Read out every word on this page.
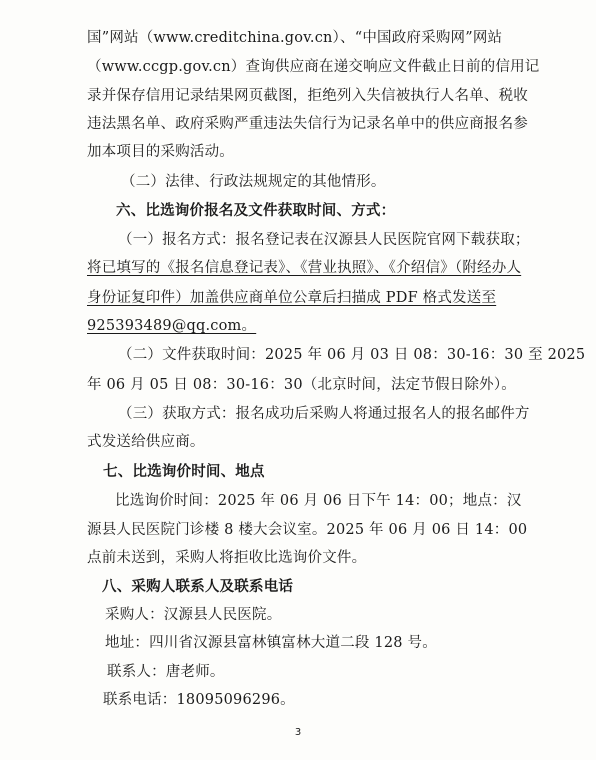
国”网站（www.creditchina.gov.cn）、“中国政府采购网”网站
（www.ccgp.gov.cn）查询供应商在递交响应文件截止日前的信用记
录并保存信用记录结果网页截图，拒绝列入失信被执行人名单、税收
违法黑名单、政府采购严重违法失信行为记录名单中的供应商报名参
加本项目的采购活动。
（二）法律、行政法规规定的其他情形。
六、比选询价报名及文件获取时间、方式：
（一）报名方式：报名登记表在汉源县人民医院官网下载获取；
将已填写的《报名信息登记表》、《营业执照》、《介绍信》（附经办人
身份证复印件）加盖供应商单位公章后扫描成 PDF 格式发送至
925393489@qq.com。
（二）文件获取时间：2025 年 06 月 03 日 08：30-16：30 至 2025
年 06 月 05 日 08：30-16：30（北京时间，法定节假日除外）。
（三）获取方式：报名成功后采购人将通过报名人的报名邮件方
式发送给供应商。
七、比选询价时间、地点
比选询价时间：2025 年 06 月 06 日下午 14：00；地点：汉
源县人民医院门诊楼 8 楼大会议室。2025 年 06 月 06 日 14：00
点前未送到，采购人将拒收比选询价文件。
八、采购人联系人及联系电话
采购人：汉源县人民医院。
地址：四川省汉源县富林镇富林大道二段 128 号。
联系人：唐老师。
联系电话：18095096296。
3
